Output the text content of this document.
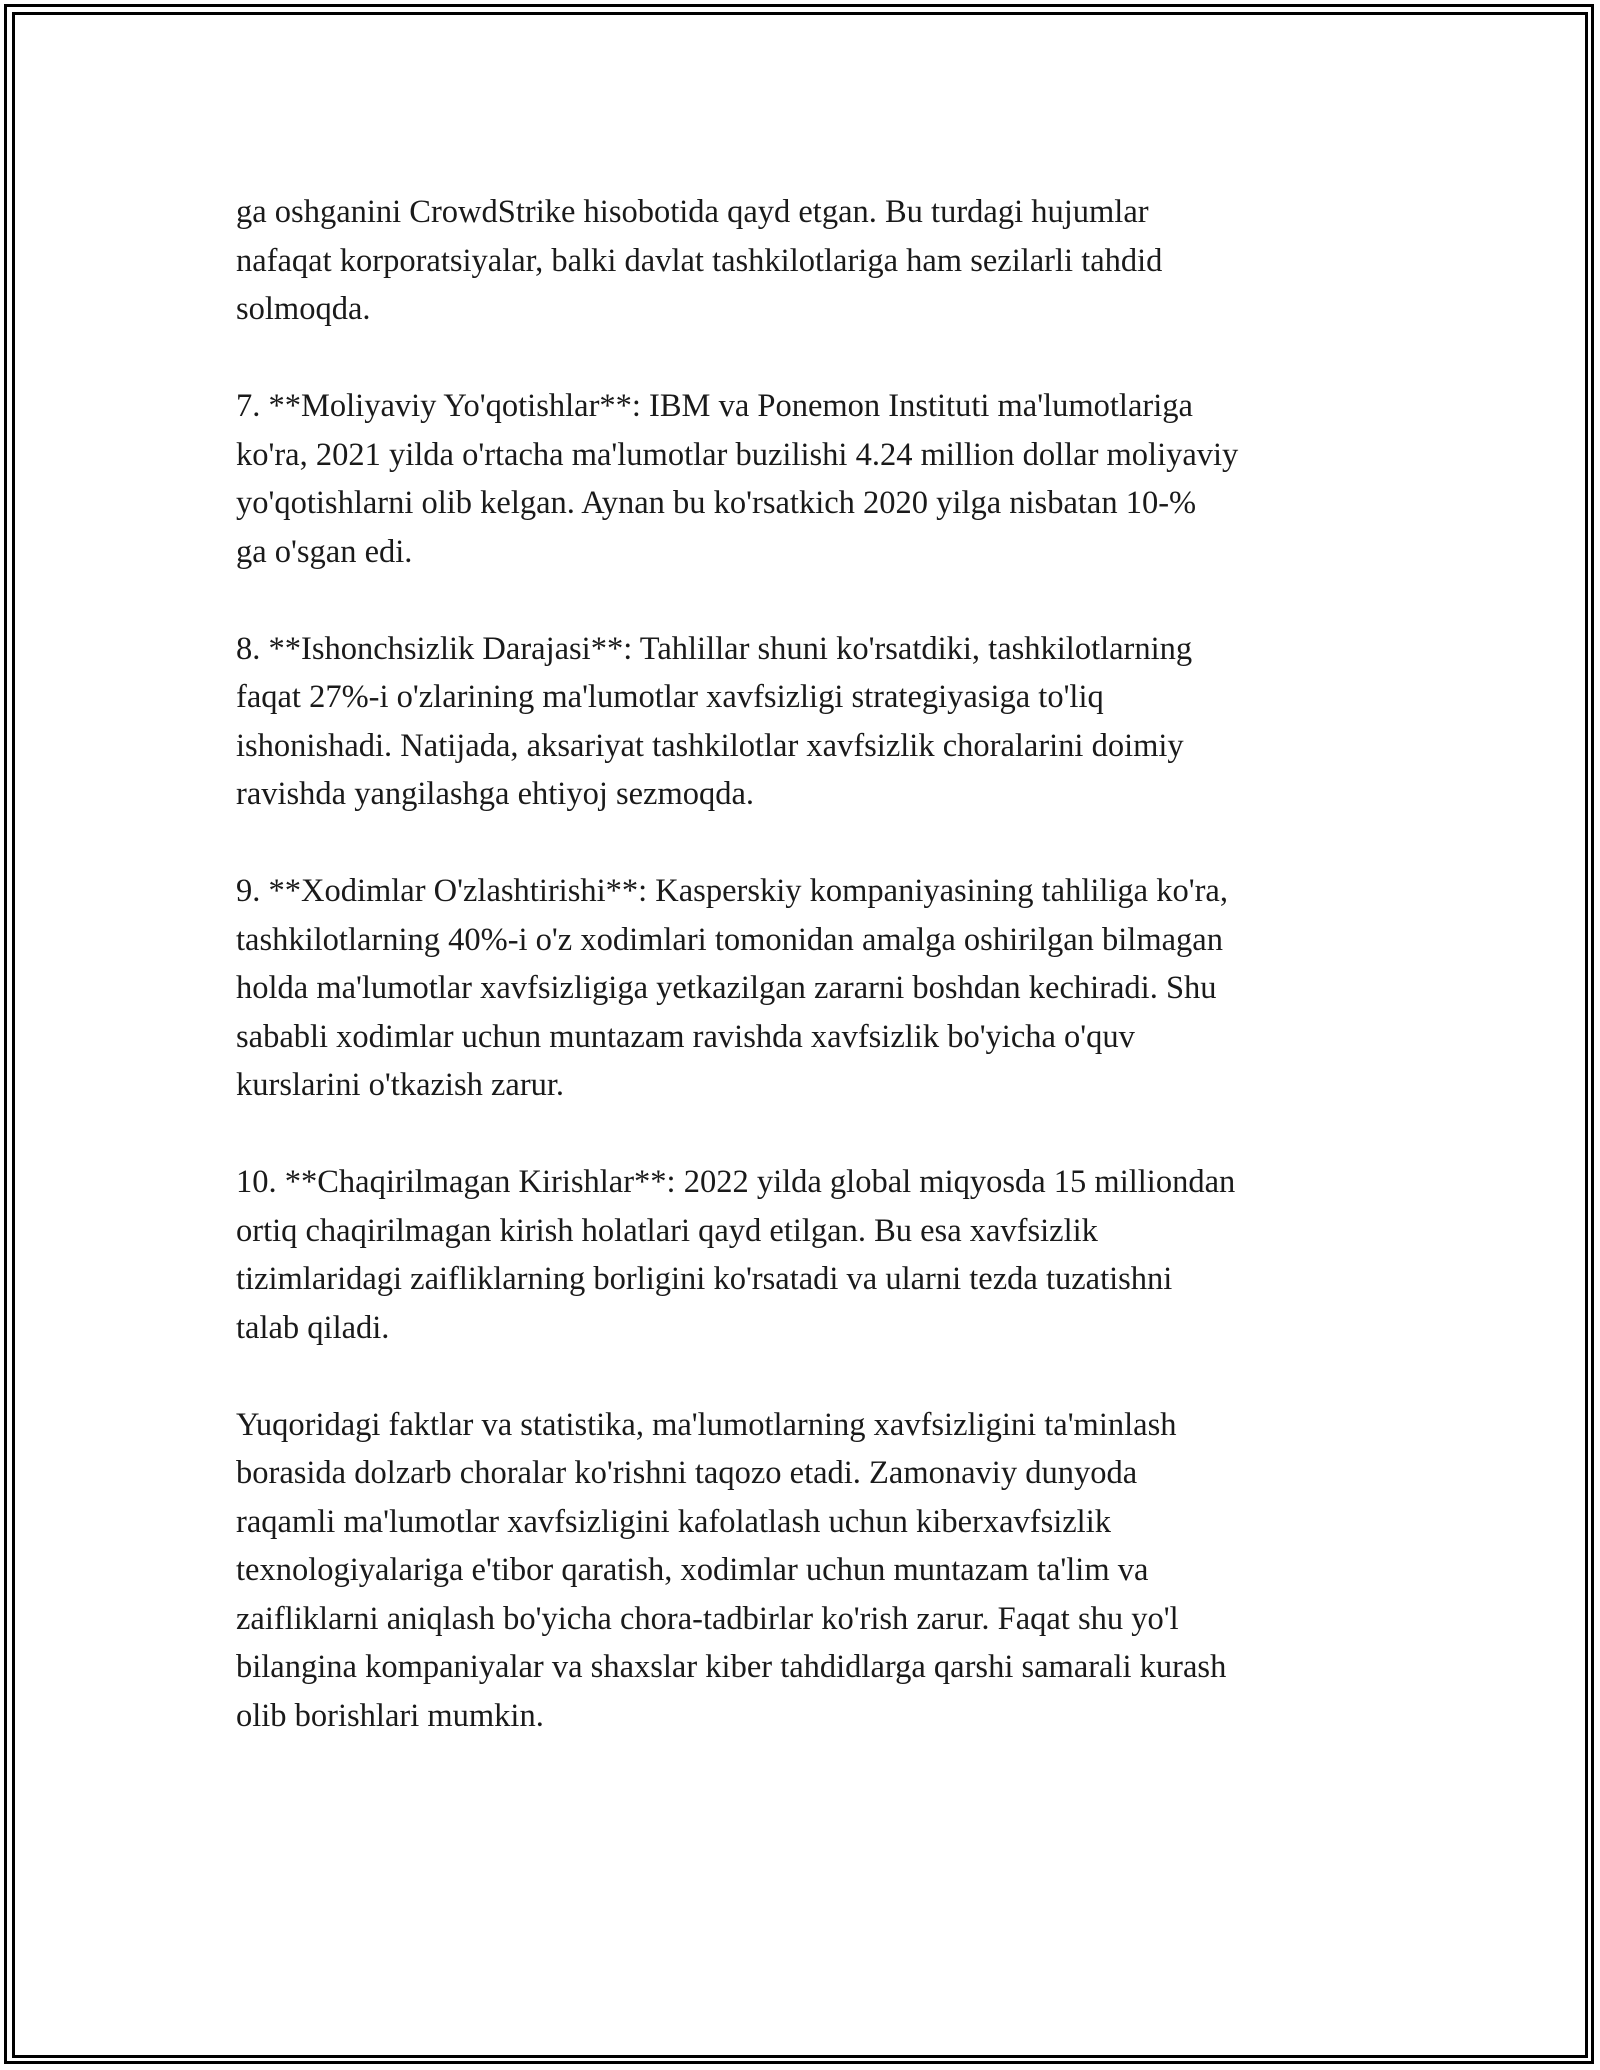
ga oshganini CrowdStrike hisobotida qayd etgan. Bu turdagi hujumlar
nafaqat korporatsiyalar, balki davlat tashkilotlariga ham sezilarli tahdid
solmoqda.

7. **Moliyaviy Yo'qotishlar**: IBM va Ponemon Instituti ma'lumotlariga
ko'ra, 2021 yilda o'rtacha ma'lumotlar buzilishi 4.24 million dollar moliyaviy
yo'qotishlarni olib kelgan. Aynan bu ko'rsatkich 2020 yilga nisbatan 10-%
ga o'sgan edi.

8. **Ishonchsizlik Darajasi**: Tahlillar shuni ko'rsatdiki, tashkilotlarning
faqat 27%-i o'zlarining ma'lumotlar xavfsizligi strategiyasiga to'liq
ishonishadi. Natijada, aksariyat tashkilotlar xavfsizlik choralarini doimiy
ravishda yangilashga ehtiyoj sezmoqda.

9. **Xodimlar O'zlashtirishi**: Kasperskiy kompaniyasining tahliliga ko'ra,
tashkilotlarning 40%-i o'z xodimlari tomonidan amalga oshirilgan bilmagan
holda ma'lumotlar xavfsizligiga yetkazilgan zararni boshdan kechiradi. Shu
sababli xodimlar uchun muntazam ravishda xavfsizlik bo'yicha o'quv
kurslarini o'tkazish zarur.

10. **Chaqirilmagan Kirishlar**: 2022 yilda global miqyosda 15 milliondan
ortiq chaqirilmagan kirish holatlari qayd etilgan. Bu esa xavfsizlik
tizimlaridagi zaifliklarning borligini ko'rsatadi va ularni tezda tuzatishni
talab qiladi.

Yuqoridagi faktlar va statistika, ma'lumotlarning xavfsizligini ta'minlash
borasida dolzarb choralar ko'rishni taqozo etadi. Zamonaviy dunyoda
raqamli ma'lumotlar xavfsizligini kafolatlash uchun kiberxavfsizlik
texnologiyalariga e'tibor qaratish, xodimlar uchun muntazam ta'lim va
zaifliklarni aniqlash bo'yicha chora-tadbirlar ko'rish zarur. Faqat shu yo'l
bilangina kompaniyalar va shaxslar kiber tahdidlarga qarshi samarali kurash
olib borishlari mumkin.
